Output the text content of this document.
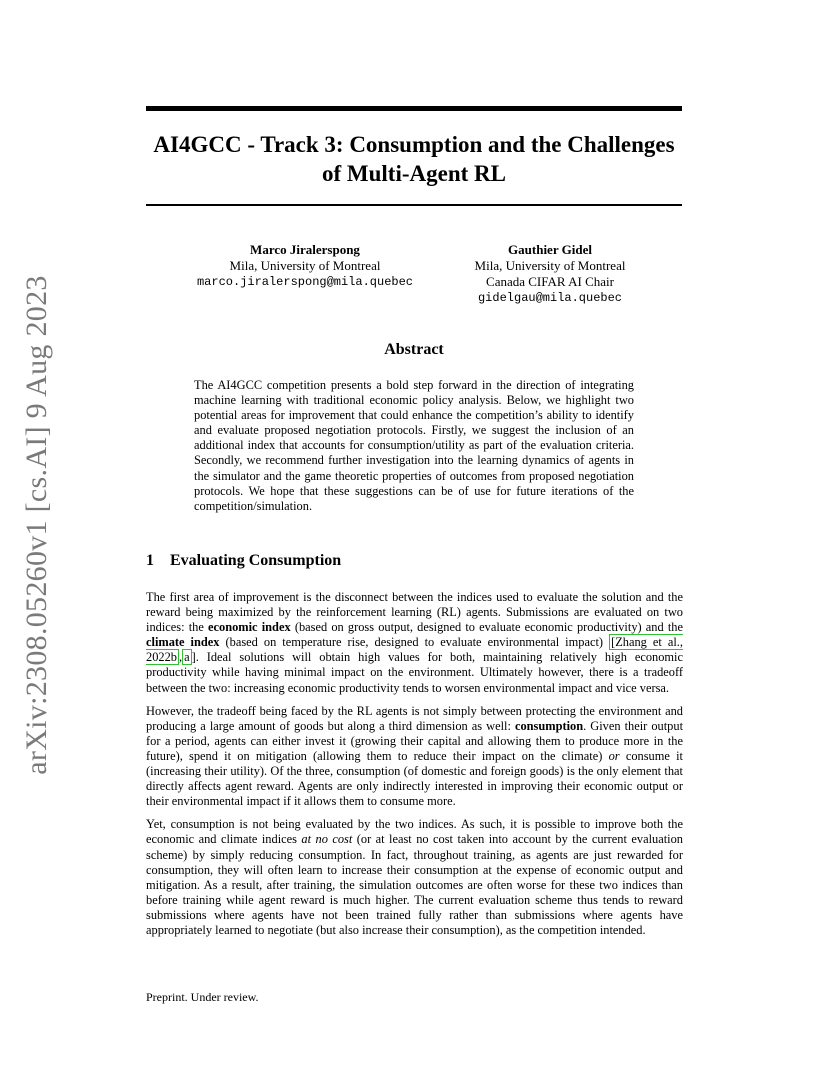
arXiv:2308.05260v1 [cs.AI] 9 Aug 2023
AI4GCC - Track 3: Consumption and the Challenges
of Multi-Agent RL
Marco Jiralerspong
Mila, University of Montreal
marco.jiralerspong@mila.quebec
Gauthier Gidel
Mila, University of Montreal
Canada CIFAR AI Chair
gidelgau@mila.quebec
Abstract

The AI4GCC competition presents a bold step forward in the direction of integrating machine learning with traditional economic policy analysis. Below, we highlight two potential areas for improvement that could enhance the competition’s ability to identify and evaluate proposed negotiation protocols. Firstly, we suggest the inclusion of an additional index that accounts for consumption/utility as part of the evaluation criteria. Secondly, we recommend further investigation into the learning dynamics of agents in the simulator and the game theoretic properties of outcomes from proposed negotiation protocols. We hope that these suggestions can be of use for future iterations of the competition/simulation.

1 Evaluating Consumption

The first area of improvement is the disconnect between the indices used to evaluate the solution and the reward being maximized by the reinforcement learning (RL) agents. Submissions are evaluated on two indices: the economic index (based on gross output, designed to evaluate economic productivity) and the climate index (based on temperature rise, designed to evaluate environmental impact) [Zhang et al., 2022b , a ]. Ideal solutions will obtain high values for both, maintaining relatively high economic productivity while having minimal impact on the environment. Ultimately however, there is a tradeoff between the two: increasing economic productivity tends to worsen environmental impact and vice versa.

However, the tradeoff being faced by the RL agents is not simply between protecting the environment and producing a large amount of goods but along a third dimension as well: consumption. Given their output for a period, agents can either invest it (growing their capital and allowing them to produce more in the future), spend it on mitigation (allowing them to reduce their impact on the climate) or consume it (increasing their utility). Of the three, consumption (of domestic and foreign goods) is the only element that directly affects agent reward. Agents are only indirectly interested in improving their economic output or their environmental impact if it allows them to consume more.

Yet, consumption is not being evaluated by the two indices. As such, it is possible to improve both the economic and climate indices at no cost (or at least no cost taken into account by the current evaluation scheme) by simply reducing consumption. In fact, throughout training, as agents are just rewarded for consumption, they will often learn to increase their consumption at the expense of economic output and mitigation. As a result, after training, the simulation outcomes are often worse for these two indices than before training while agent reward is much higher. The current evaluation scheme thus tends to reward submissions where agents have not been trained fully rather than submissions where agents have appropriately learned to negotiate (but also increase their consumption), as the competition intended.

Preprint. Under review.
